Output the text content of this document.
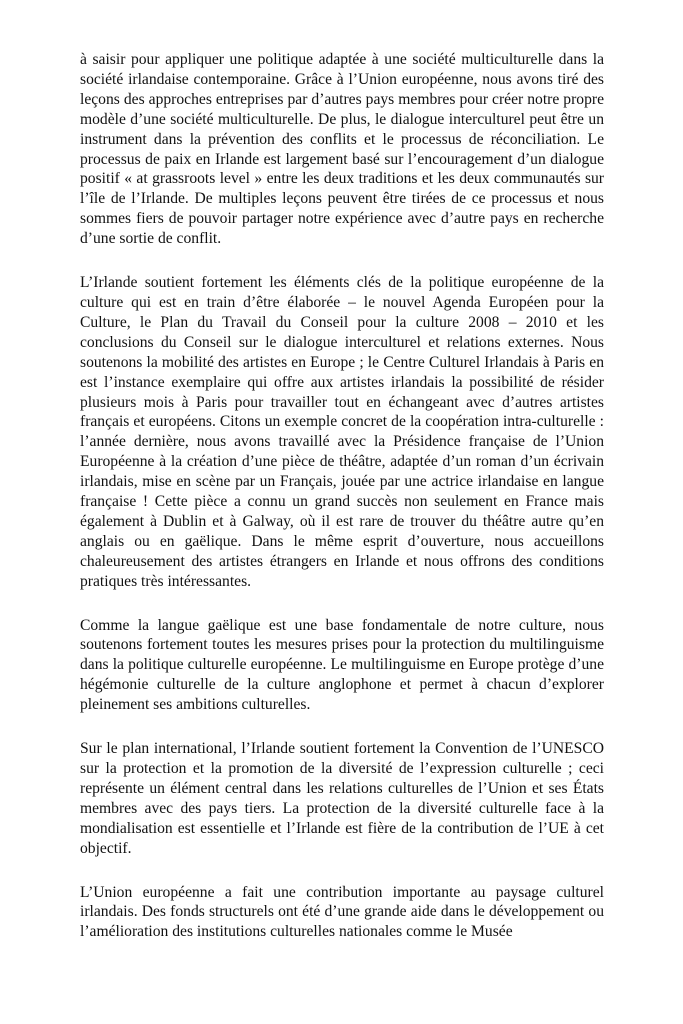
à saisir pour appliquer une politique adaptée à une société multiculturelle dans la société irlandaise contemporaine. Grâce à l’Union européenne, nous avons tiré des leçons des approches entreprises par d’autres pays membres pour créer notre propre modèle d’une société multiculturelle. De plus, le dialogue interculturel peut être un instrument dans la prévention des conflits et le processus de réconciliation. Le processus de paix en Irlande est largement basé sur l’encouragement d’un dialogue positif « at grassroots level » entre les deux traditions et les deux communautés sur l’île de l’Irlande. De multiples leçons peuvent être tirées de ce processus et nous sommes fiers de pouvoir partager notre expérience avec d’autre pays en recherche d’une sortie de conflit.

L’Irlande soutient fortement les éléments clés de la politique européenne de la culture qui est en train d’être élaborée – le nouvel Agenda Européen pour la Culture, le Plan du Travail du Conseil pour la culture 2008 – 2010 et les conclusions du Conseil sur le dialogue interculturel et relations externes. Nous soutenons la mobilité des artistes en Europe ; le Centre Culturel Irlandais à Paris en est l’instance exemplaire qui offre aux artistes irlandais la possibilité de résider plusieurs mois à Paris pour travailler tout en échangeant avec d’autres artistes français et européens. Citons un exemple concret de la coopération intra-culturelle : l’année dernière, nous avons travaillé avec la Présidence française de l’Union Européenne à la création d’une pièce de théâtre, adaptée d’un roman d’un écrivain irlandais, mise en scène par un Français, jouée par une actrice irlandaise en langue française ! Cette pièce a connu un grand succès non seulement en France mais également à Dublin et à Galway, où il est rare de trouver du théâtre autre qu’en anglais ou en gaëlique. Dans le même esprit d’ouverture, nous accueillons chaleureusement des artistes étrangers en Irlande et nous offrons des conditions pratiques très intéressantes.

Comme la langue gaëlique est une base fondamentale de notre culture, nous soutenons fortement toutes les mesures prises pour la protection du multilinguisme dans la politique culturelle européenne. Le multilinguisme en Europe protège d’une hégémonie culturelle de la culture anglophone et permet à chacun d’explorer pleinement ses ambitions culturelles.

Sur le plan international, l’Irlande soutient fortement la Convention de l’UNESCO sur la protection et la promotion de la diversité de l’expression culturelle ; ceci représente un élément central dans les relations culturelles de l’Union et ses États membres avec des pays tiers. La protection de la diversité culturelle face à la mondialisation est essentielle et l’Irlande est fière de la contribution de l’UE à cet objectif.

L’Union européenne a fait une contribution importante au paysage culturel irlandais. Des fonds structurels ont été d’une grande aide dans le développement ou l’amélioration des institutions culturelles nationales comme le Musée
